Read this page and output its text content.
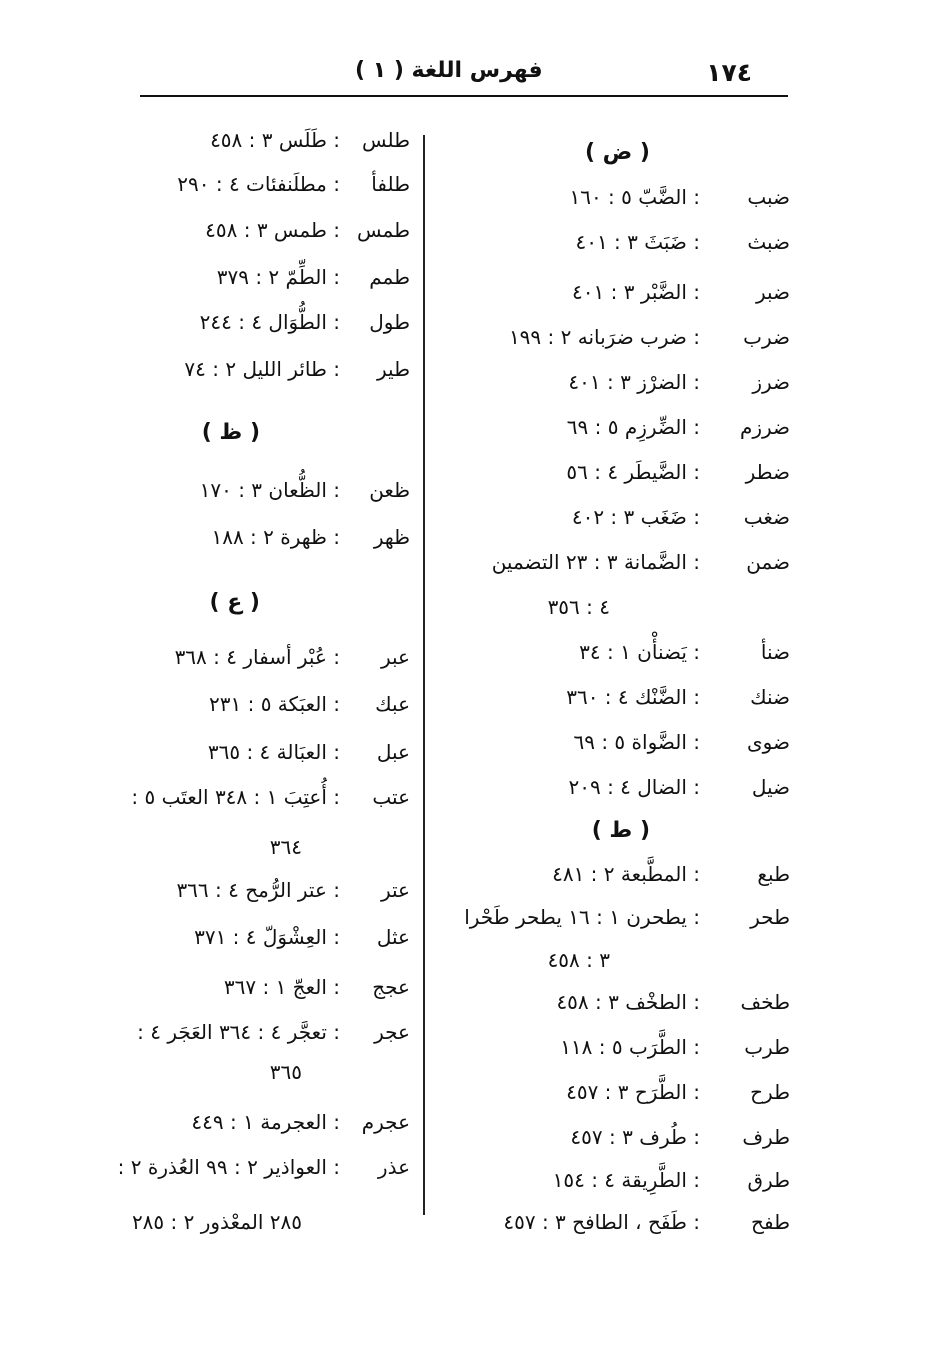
١٧٤
فهرس اللغة ( ١ )
( ض )
ضبب: الضَّبّ ٥ : ١٦٠
ضبث: ضَبَثَ ٣ : ٤٠١
ضبر: الضَّبْر ٣ : ٤٠١
ضرب: ضرب ضرَبانه ٢ : ١٩٩
ضرز: الضرْز ٣ : ٤٠١
ضرزم: الضِّرزِم ٥ : ٦٩
ضطر: الضَّيطَر ٤ : ٥٦
ضغب: ضَغَب ٣ : ٤٠٢
ضمن: الضَّمانة ٣ : ٢٣ التضمين
٤ : ٣٥٦
ضنأ: يَضنأْن ١ : ٣٤
ضنك: الضَّنْك ٤ : ٣٦٠
ضوى: الضَّواة ٥ : ٦٩
ضيل: الضال ٤ : ٢٠٩
( ط )
طبع: المطَّبعة ٢ : ٤٨١
طحر: يطحرن ١ : ١٦ يطحر طَحْرا
٣ : ٤٥٨
طخف: الطخْف ٣ : ٤٥٨
طرب: الطَّرَب ٥ : ١١٨
طرح: الطَّرَح ٣ : ٤٥٧
طرف: طُرف ٣ : ٤٥٧
طرق: الطَّرِيقة ٤ : ١٥٤
طفح: طَفَح ، الطافح ٣ : ٤٥٧
طلس: طَلَس ٣ : ٤٥٨
طلفأ: مطلَنفئات ٤ : ٢٩٠
طمس: طمس ٣ : ٤٥٨
طمم: الطِّمّ ٢ : ٣٧٩
طول: الطُّوَال ٤ : ٢٤٤
طير: طائر الليل ٢ : ٧٤
( ظ )
ظعن: الظُّعان ٣ : ١٧٠
ظهر: ظهرة ٢ : ١٨٨
( ع )
عبر: عُبْر أسفار ٤ : ٣٦٨
عبك: العبَكة ٥ : ٢٣١
عبل: العبَالة ٤ : ٣٦٥
عتب: أُعتِبَ ١ : ٣٤٨ العتَب ٥ :
٣٦٤
عتر: عتر الرُّمح ٤ : ٣٦٦
عثل: العِشْوَلّ ٤ : ٣٧١
عجج: العجّ ١ : ٣٦٧
عجر: تعجَّر ٤ : ٣٦٤ العَجَر ٤ :
٣٦٥
عجرم: العجرمة ١ : ٤٤٩
عذر: العواذير ٢ : ٩٩ العُذرة ٢ :
٢٨٥ المعْذور ٢ : ٢٨٥
